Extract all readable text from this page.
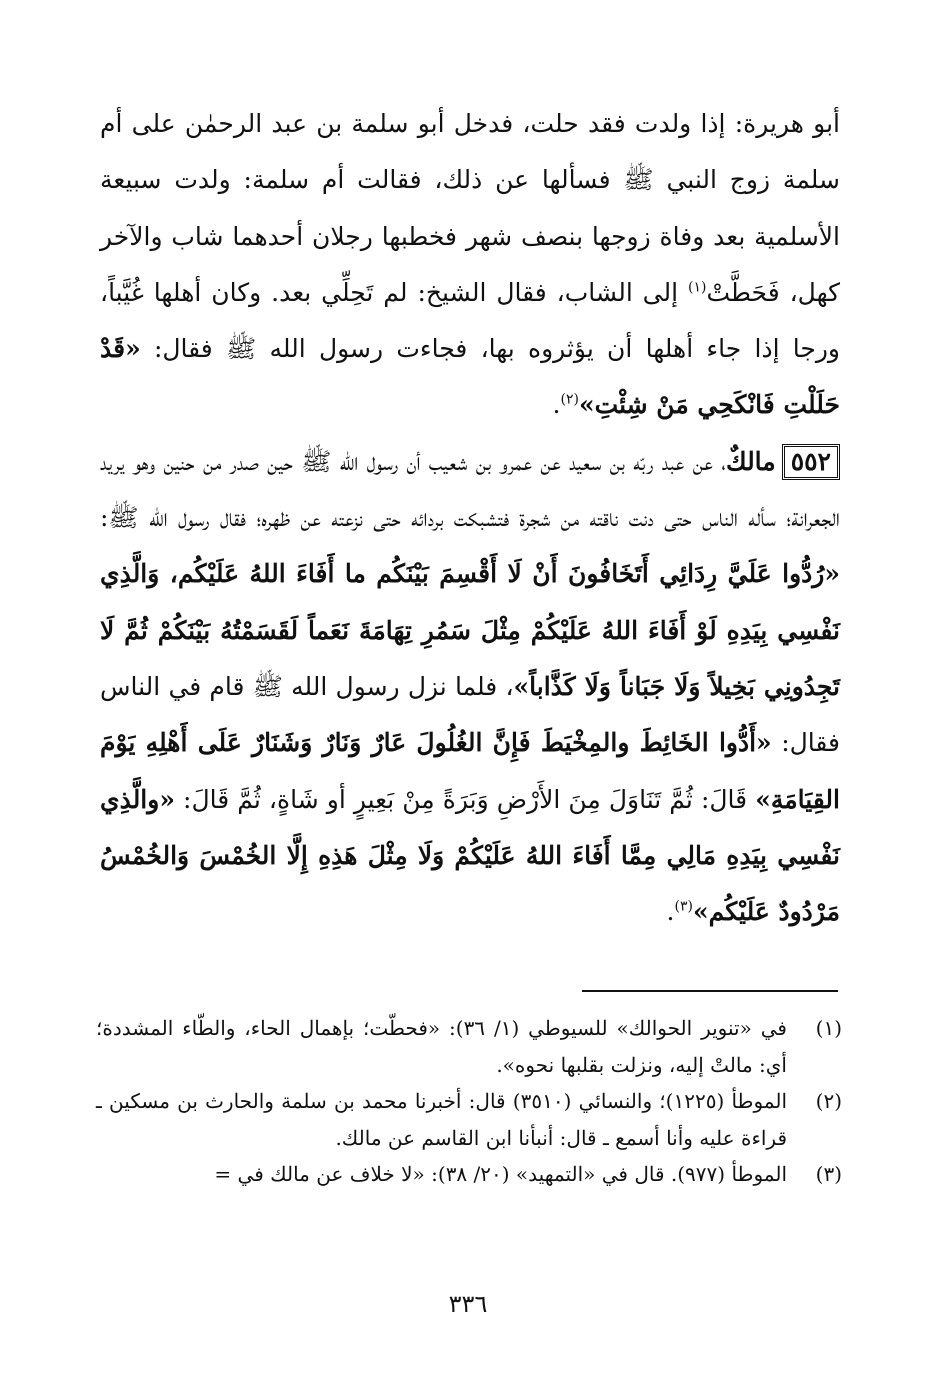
أبو هريرة: إذا ولدت فقد حلت، فدخل أبو سلمة بن عبد الرحمٰن على أم سلمة زوج النبي ﷺ فسألها عن ذلك، فقالت أم سلمة: ولدت سبيعة الأسلمية بعد وفاة زوجها بنصف شهر فخطبها رجلان أحدهما شاب والآخر كهل، فَحَطَّتْ$^{(١)}$ إلى الشاب، فقال الشيخ: لم تَحِلِّي بعد. وكان أهلها غُيَّباً، ورجا إذا جاء أهلها أن يؤثروه بها، فجاءت رسول الله ﷺ فقال: «قَدْ حَلَلْتِ فَانْكَحِي مَنْ شِئْتِ»$^{(٢)}$.

٥٥٢مالكٌ، عن عبد ربّه بن سعيد عن عمرو بن شعيب أن رسول الله ﷺ حين صدر من حنين وهو يريد الجعرانة؛ سأله الناس حتى دنت ناقته من شجرة فتشبكت بردائه حتى نزعته عن ظهره؛ فقال رسول الله ﷺ: «رُدُّوا عَلَيَّ رِدَائِي أَتَخَافُونَ أَنْ لَا أَقْسِمَ بَيْنَكُم ما أَفَاءَ اللهُ عَلَيْكُم، وَالَّذِي نَفْسِي بِيَدِهِ لَوْ أَفَاءَ اللهُ عَلَيْكُمْ مِثْلَ سَمُرِ تِهَامَةَ نَعَماً لَقَسَمْتُهُ بَيْنَكُمْ ثُمَّ لَا تَجِدُونِي بَخِيلاً وَلَا جَبَاناً وَلَا كَذَّاباً»، فلما نزل رسول الله ﷺ قام في الناس فقال: «أَدُّوا الخَائِطَ والمِخْيَطَ فَإِنَّ الغُلُولَ عَارٌ وَنَارٌ وَشَنَارٌ عَلَى أَهْلِهِ يَوْمَ القِيَامَةِ» قَالَ: ثُمَّ تَنَاوَلَ مِنَ الأَرْضِ وَبَرَةً مِنْ بَعِيرٍ أو شَاةٍ، ثُمَّ قَالَ: «والَّذِي نَفْسِي بِيَدِهِ مَالِي مِمَّا أَفَاءَ اللهُ عَلَيْكُمْ وَلَا مِثْلَ هَذِهِ إِلَّا الخُمْسَ وَالخُمْسُ مَرْدُودٌ عَلَيْكُم»$^{(٣)}$.

(١)
في «تنوير الحوالك» للسيوطي (١/ ٣٦): «فحطّت؛ بإهمال الحاء، والطّاء المشددة؛ أي: مالتْ إليه، ونزلت بقلبها نحوه».
(٢)
الموطأ (١٢٢٥)؛ والنسائي (٣٥١٠) قال: أخبرنا محمد بن سلمة والحارث بن مسكين ـ قراءة عليه وأنا أسمع ـ قال: أنبأنا ابن القاسم عن مالك.
(٣)
الموطأ (٩٧٧). قال في «التمهيد» (٢٠/ ٣٨): «لا خلاف عن مالك في =
٣٣٦
